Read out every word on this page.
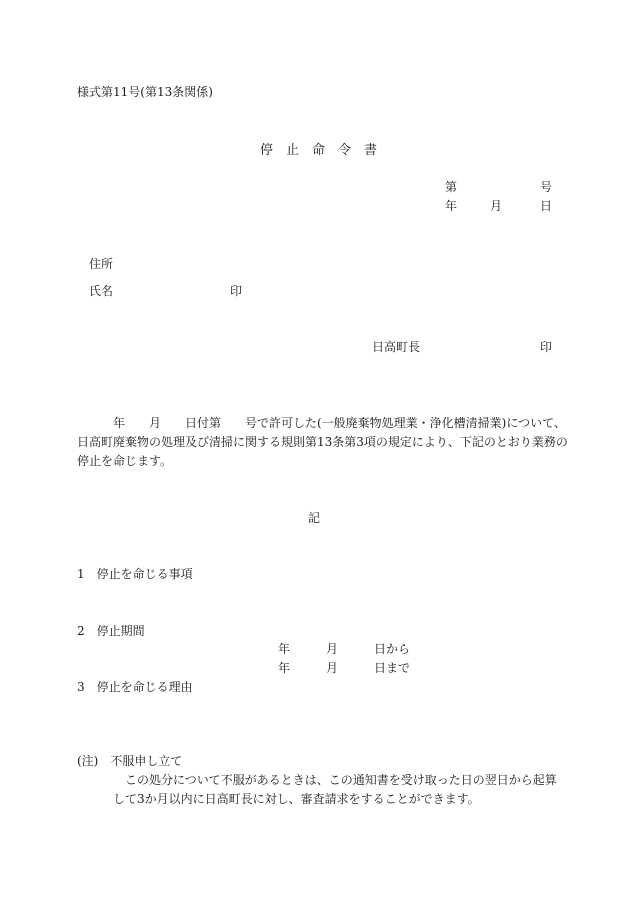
様式第11号(第13条関係)
停　止　命　令　書
第	号
年	月	日
住所
氏名	印
日高町長	印
年　　月　　日付第　　号で許可した(一般廃棄物処理業・浄化槽清掃業)について、
日高町廃棄物の処理及び清掃に関する規則第13条第3項の規定により、下記のとおり業務の
停止を命じます。
記
1　停止を命じる事項
2　停止期間
年　　　月　　　日から
年　　　月　　　日まで
3　停止を命じる理由
(注)　不服申し立て
この処分について不服があるときは、この通知書を受け取った日の翌日から起算
して3か月以内に日高町長に対し、審査請求をすることができます。
